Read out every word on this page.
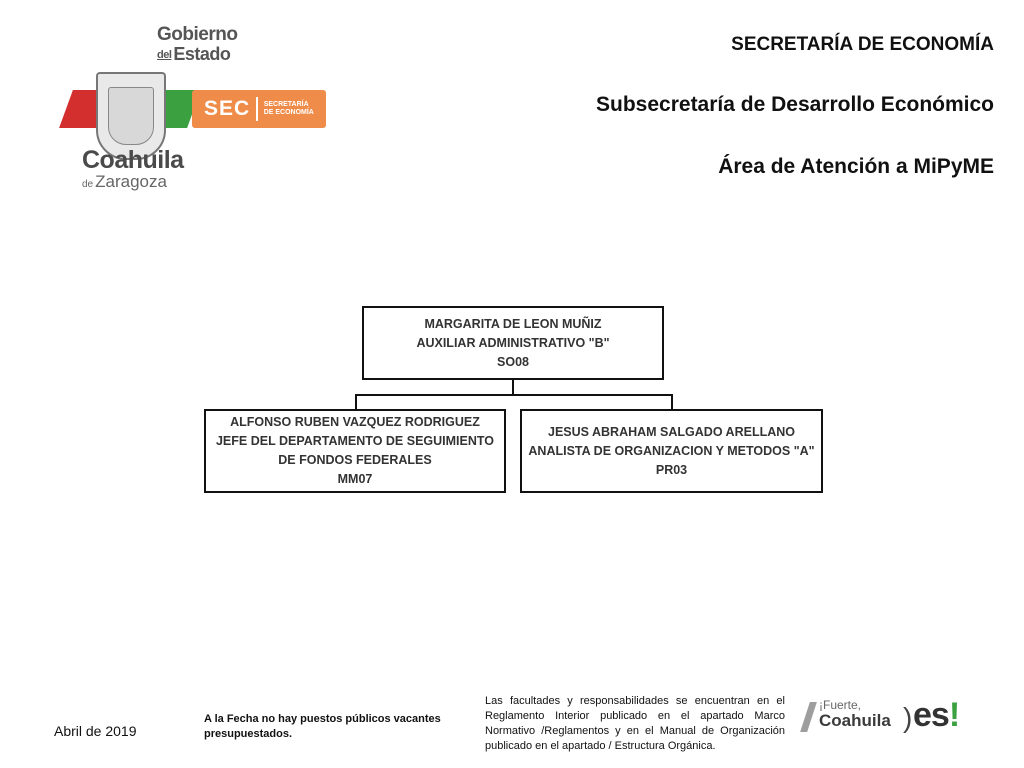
Gobierno
del Estado
SEC SECRETARÍA
DE ECONOMÍA
Coahuila
de Zaragoza
SECRETARÍA DE ECONOMÍA
Subsecretaría de Desarrollo Económico
Área de Atención a MiPyME
MARGARITA DE LEON MUÑIZ
AUXILIAR ADMINISTRATIVO "B"
SO08
ALFONSO RUBEN VAZQUEZ RODRIGUEZ
JEFE DEL DEPARTAMENTO DE SEGUIMIENTO DE FONDOS FEDERALES
MM07
JESUS ABRAHAM SALGADO ARELLANO
ANALISTA DE ORGANIZACION Y METODOS "A"
PR03
Abril de 2019
A la Fecha no hay puestos públicos vacantes presupuestados.
Las facultades y responsabilidades se encuentran en el Reglamento Interior publicado en el apartado Marco Normativo /Reglamentos y en el Manual de Organización publicado en el apartado / Estructura Orgánica.
¡Fuerte,
Coahuila ) es!
